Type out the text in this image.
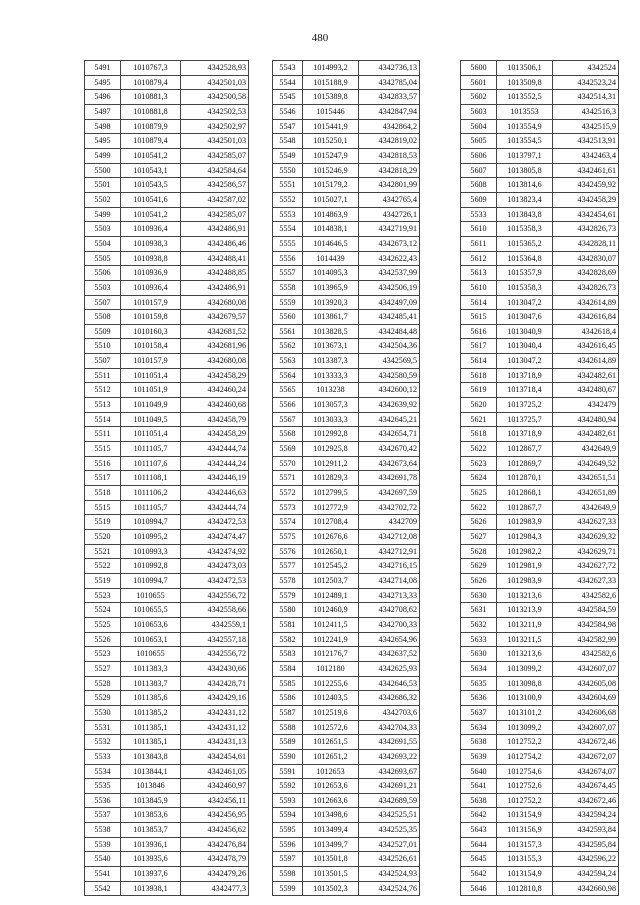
480
5491	1010767,3	4342528,93
5495	1010879,4	4342501,03
5496	1010881,3	4342500,58
5497	1010881,8	4342502,53
5498	1010879,9	4342502,97
5495	1010879,4	4342501,03
5499	1010541,2	4342585,07
5500	1010543,1	4342584,64
5501	1010543,5	4342586,57
5502	1010541,6	4342587,02
5499	1010541,2	4342585,07
5503	1010936,4	4342486,91
5504	1010938,3	4342486,46
5505	1010938,8	4342488,41
5506	1010936,9	4342488,85
5503	1010936,4	4342486,91
5507	1010157,9	4342680,08
5508	1010159,8	4342679,57
5509	1010160,3	4342681,52
5510	1010158,4	4342681,96
5507	1010157,9	4342680,08
5511	1011051,4	4342458,29
5512	1011051,9	4342460,24
5513	1011049,9	4342460,68
5514	1011049,5	4342458,79
5511	1011051,4	4342458,29
5515	1011105,7	4342444,74
5516	1011107,6	4342444,24
5517	1011108,1	4342446,19
5518	1011106,2	4342446,63
5515	1011105,7	4342444,74
5519	1010994,7	4342472,53
5520	1010995,2	4342474,47
5521	1010993,3	4342474,92
5522	1010992,8	4342473,03
5519	1010994,7	4342472,53
5523	1010655	4342556,72
5524	1010655,5	4342558,66
5525	1010653,6	4342559,1
5526	1010653,1	4342557,18
5523	1010655	4342556,72
5527	1011383,3	4342430,66
5528	1011383,7	4342428,71
5529	1011385,6	4342429,16
5530	1011385,2	4342431,12
5531	1011385,1	4342431,12
5532	1011385,1	4342431,13
5533	1013843,8	4342454,61
5534	1013844,1	4342461,05
5535	1013846	4342460,97
5536	1013845,9	4342456,11
5537	1013853,6	4342456,95
5538	1013853,7	4342456,62
5539	1013936,1	4342476,84
5540	1013935,6	4342478,79
5541	1013937,6	4342479,26
5542	1013938,1	4342477,3
5543	1014993,2	4342736,13
5544	1015188,9	4342785,04
5545	1015389,8	4342833,57
5546	1015446	4342847,94
5547	1015441,9	4342864,2
5548	1015250,1	4342819,02
5549	1015247,9	4342818,53
5550	1015246,9	4342818,29
5551	1015179,2	4342801,99
5552	1015027,1	4342765,4
5553	1014863,9	4342726,1
5554	1014838,1	4342719,91
5555	1014646,5	4342673,12
5556	1014439	4342622,43
5557	1014095,3	4342537,99
5558	1013965,9	4342506,19
5559	1013920,3	4342497,09
5560	1013861,7	4342485,41
5561	1013828,5	4342484,48
5562	1013673,1	4342504,36
5563	1013387,3	4342569,5
5564	1013333,3	4342580,59
5565	1013238	4342600,12
5566	1013057,3	4342639,92
5567	1013033,3	4342645,21
5568	1012992,8	4342654,71
5569	1012925,8	4342670,42
5570	1012911,2	4342673,64
5571	1012829,3	4342691,78
5572	1012799,5	4342697,59
5573	1012772,9	4342702,72
5574	1012708,4	4342709
5575	1012676,6	4342712,08
5576	1012650,1	4342712,91
5577	1012545,2	4342716,15
5578	1012503,7	4342714,08
5579	1012489,1	4342713,33
5580	1012460,9	4342708,62
5581	1012411,5	4342700,33
5582	1012241,9	4342654,96
5583	1012176,7	4342637,52
5584	1012180	4342625,93
5585	1012255,6	4342646,53
5586	1012403,5	4342686,32
5587	1012519,6	4342703,6
5588	1012572,6	4342704,33
5589	1012651,5	4342691,55
5590	1012651,2	4342693,22
5591	1012653	4342693,67
5592	1012653,6	4342691,21
5593	1012663,6	4342689,59
5594	1013498,6	4342525,51
5595	1013499,4	4342525,35
5596	1013499,7	4342527,01
5597	1013501,8	4342526,61
5598	1013501,5	4342524,93
5599	1013502,3	4342524,76
5600	1013506,1	4342524
5601	1013509,8	4342523,24
5602	1013552,5	4342514,31
5603	1013553	4342516,3
5604	1013554,9	4342515,9
5605	1013554,5	4342513,91
5606	1013797,1	4342463,4
5607	1013805,8	4342461,61
5608	1013814,6	4342459,92
5609	1013823,4	4342458,29
5533	1013843,8	4342454,61
5610	1015358,3	4342826,73
5611	1015365,2	4342828,11
5612	1015364,8	4342830,07
5613	1015357,9	4342828,69
5610	1015358,3	4342826,73
5614	1013047,2	4342614,89
5615	1013047,6	4342616,84
5616	1013040,9	4342618,4
5617	1013040,4	4342616,45
5614	1013047,2	4342614,89
5618	1013718,9	4342482,61
5619	1013718,4	4342480,67
5620	1013725,2	4342479
5621	1013725,7	4342480,94
5618	1013718,9	4342482,61
5622	1012867,7	4342649,9
5623	1012869,7	4342649,52
5624	1012870,1	4342651,51
5625	1012868,1	4342651,89
5622	1012867,7	4342649,9
5626	1012983,9	4342627,33
5627	1012984,3	4342629,32
5628	1012982,2	4342629,71
5629	1012981,9	4342627,72
5626	1012983,9	4342627,33
5630	1013213,6	4342582,6
5631	1013213,9	4342584,59
5632	1013211,9	4342584,98
5633	1013211,5	4342582,99
5630	1013213,6	4342582,6
5634	1013099,2	4342607,07
5635	1013098,8	4342605,08
5636	1013100,9	4342604,69
5637	1013101,2	4342606,68
5634	1013099,2	4342607,07
5638	1012752,2	4342672,46
5639	1012754,2	4342672,07
5640	1012754,6	4342674,07
5641	1012752,6	4342674,45
5638	1012752,2	4342672,46
5642	1013154,9	4342594,24
5643	1013156,9	4342593,84
5644	1013157,3	4342595,84
5645	1013155,3	4342596,22
5642	1013154,9	4342594,24
5646	1012810,8	4342660,98
